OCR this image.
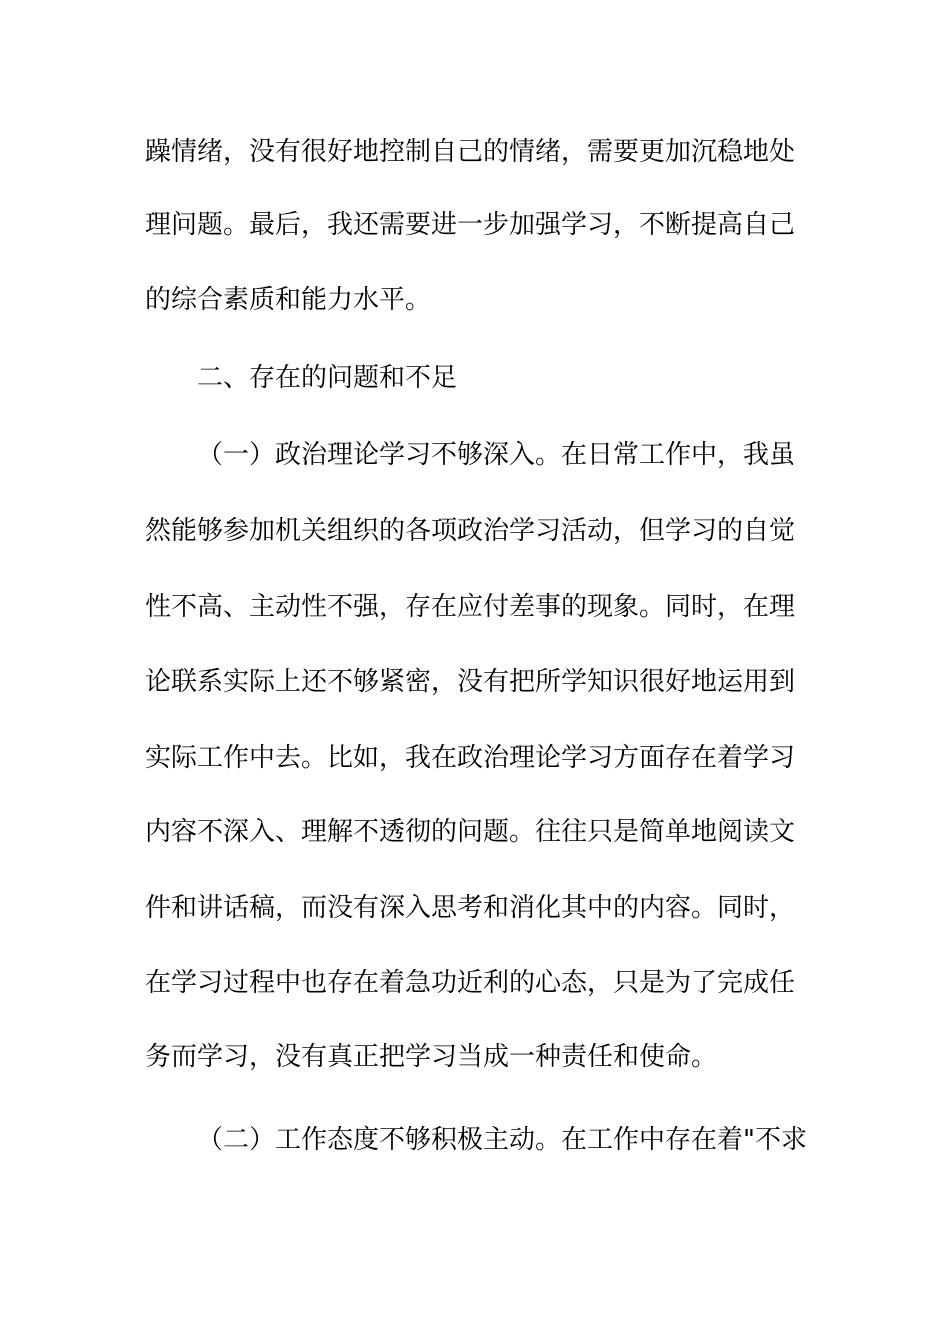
躁情绪，没有很好地控制自己的情绪，需要更加沉稳地处
理问题。最后，我还需要进一步加强学习，不断提高自己
的综合素质和能力水平。
二、存在的问题和不足
（一）政治理论学习不够深入。在日常工作中，我虽
然能够参加机关组织的各项政治学习活动，但学习的自觉
性不高、主动性不强，存在应付差事的现象。同时，在理
论联系实际上还不够紧密，没有把所学知识很好地运用到
实际工作中去。比如，我在政治理论学习方面存在着学习
内容不深入、理解不透彻的问题。往往只是简单地阅读文
件和讲话稿，而没有深入思考和消化其中的内容。同时，
在学习过程中也存在着急功近利的心态，只是为了完成任
务而学习，没有真正把学习当成一种责任和使命。
（二）工作态度不够积极主动。在工作中存在着"不求
